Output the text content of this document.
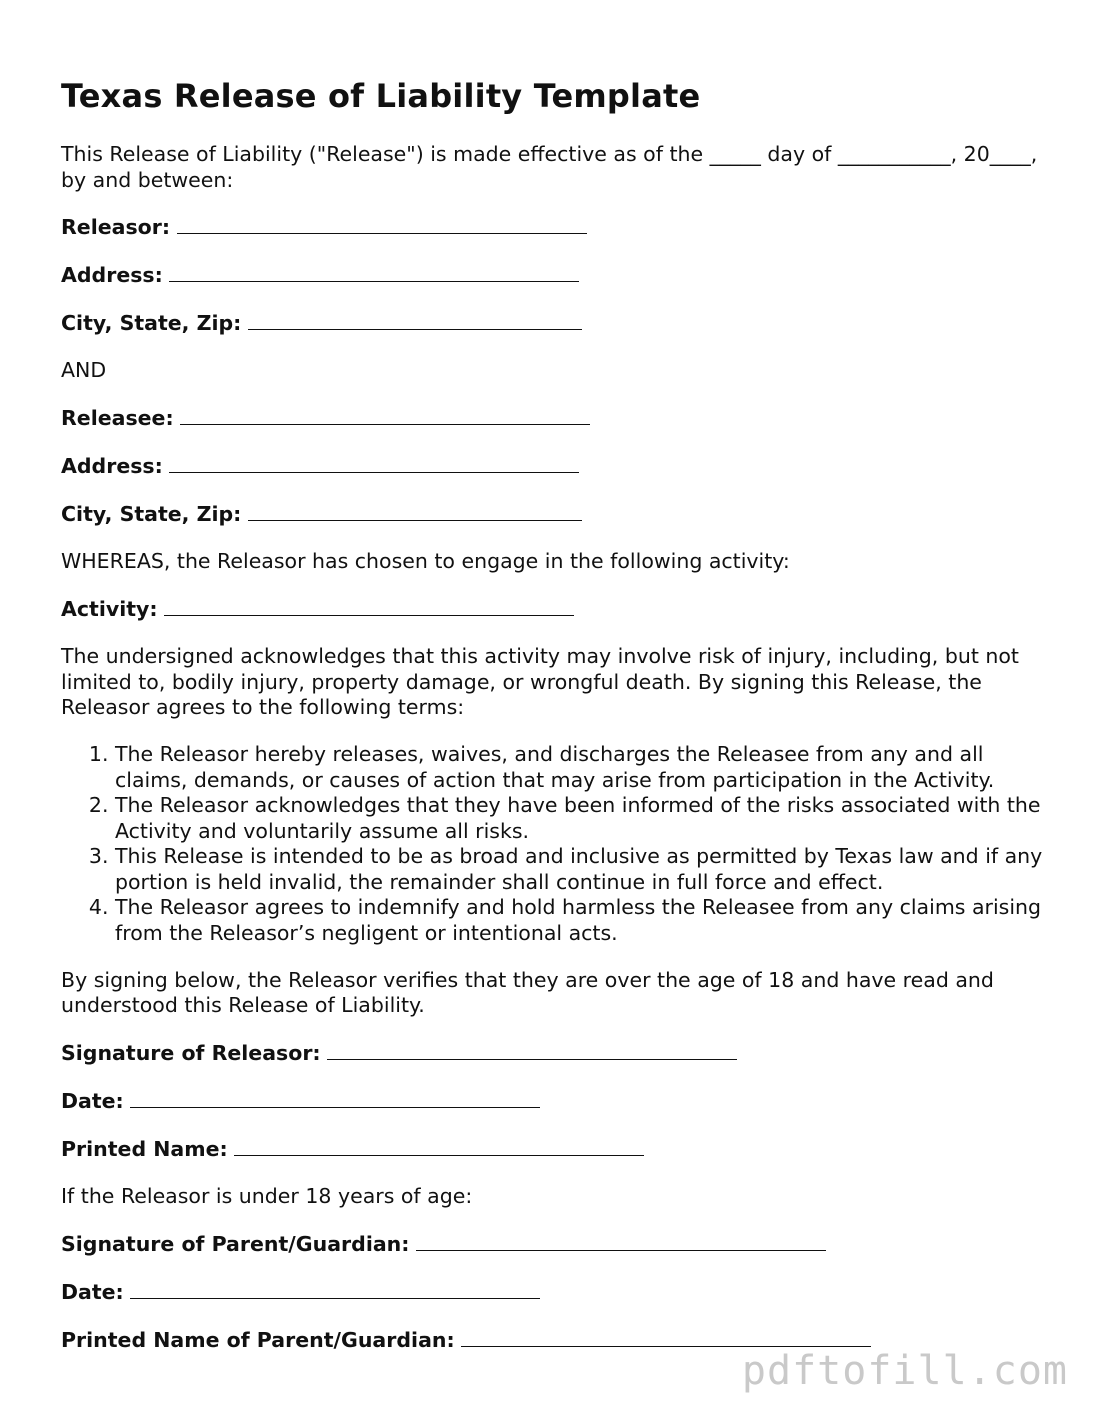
Texas Release of Liability Template

This Release of Liability ("Release") is made effective as of the _____ day of ___________, 20____, by and between:

Releasor:

Address:

City, State, Zip:

AND

Releasee:

Address:

City, State, Zip:

WHEREAS, the Releasor has chosen to engage in the following activity:

Activity:

The undersigned acknowledges that this activity may involve risk of injury, including, but not limited to, bodily injury, property damage, or wrongful death. By signing this Release, the Releasor agrees to the following terms:

1. The Releasor hereby releases, waives, and discharges the Releasee from any and all claims, demands, or causes of action that may arise from participation in the Activity.
2. The Releasor acknowledges that they have been informed of the risks associated with the Activity and voluntarily assume all risks.
3. This Release is intended to be as broad and inclusive as permitted by Texas law and if any portion is held invalid, the remainder shall continue in full force and effect.
4. The Releasor agrees to indemnify and hold harmless the Releasee from any claims arising from the Releasor’s negligent or intentional acts.

By signing below, the Releasor verifies that they are over the age of 18 and have read and understood this Release of Liability.

Signature of Releasor:

Date:

Printed Name:

If the Releasor is under 18 years of age:

Signature of Parent/Guardian:

Date:

Printed Name of Parent/Guardian:

pdftofill.com
